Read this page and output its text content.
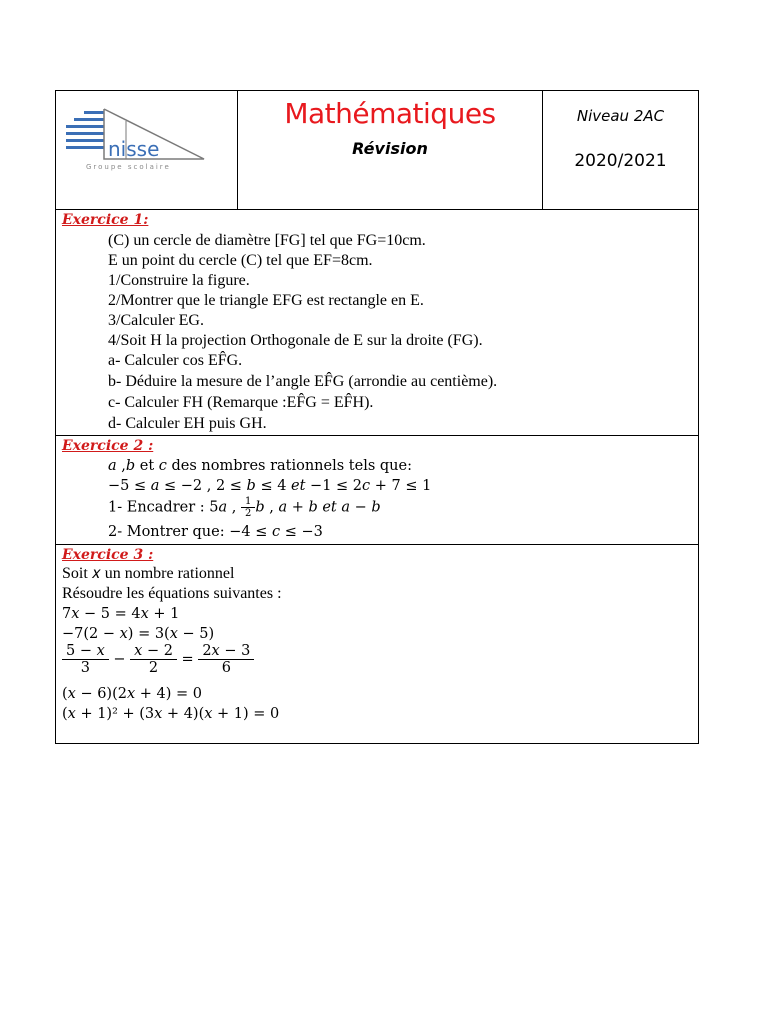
nisse
Groupe scolaire
Mathématiques
Révision
Niveau 2AC
2020/2021
Exercice 1:
(C) un cercle de diamètre [FG] tel que FG=10cm.
E un point du cercle (C) tel que EF=8cm.
1/Construire la figure.
2/Montrer que le triangle EFG est rectangle en E.
3/Calculer EG.
4/Soit H la projection Orthogonale de E sur la droite (FG).
a- Calculer cos EF̂G.
b- Déduire la mesure de l’angle EF̂G (arrondie au centième).
c- Calculer FH (Remarque :EF̂G = EF̂H).
d- Calculer EH puis GH.
Exercice 2 :
𝑎 ,𝑏 et 𝑐 des nombres rationnels tels que:
−5 ≤ 𝑎 ≤ −2 , 2 ≤ 𝑏 ≤ 4 𝑒𝑡 −1 ≤ 2𝑐 + 7 ≤ 1
1- Encadrer : 5𝑎 , $\frac{1}{2}$ 𝑏 , 𝑎 + 𝑏 𝑒𝑡 𝑎 − 𝑏
2- Montrer que: −4 ≤ 𝑐 ≤ −3
Exercice 3 :
Soit 𝑥 un nombre rationnel
Résoudre les équations suivantes :
7𝑥 − 5 = 4𝑥 + 1
−7(2 − 𝑥) = 3(𝑥 − 5)
$\frac{\text{5 − 𝑥}}{3} - \frac{\text{𝑥 − 2}}{2} = \frac{\text{2𝑥 − 3}}{6}$
(𝑥 − 6)(2𝑥 + 4) = 0
(𝑥 + 1)² + (3𝑥 + 4)(𝑥 + 1) = 0
